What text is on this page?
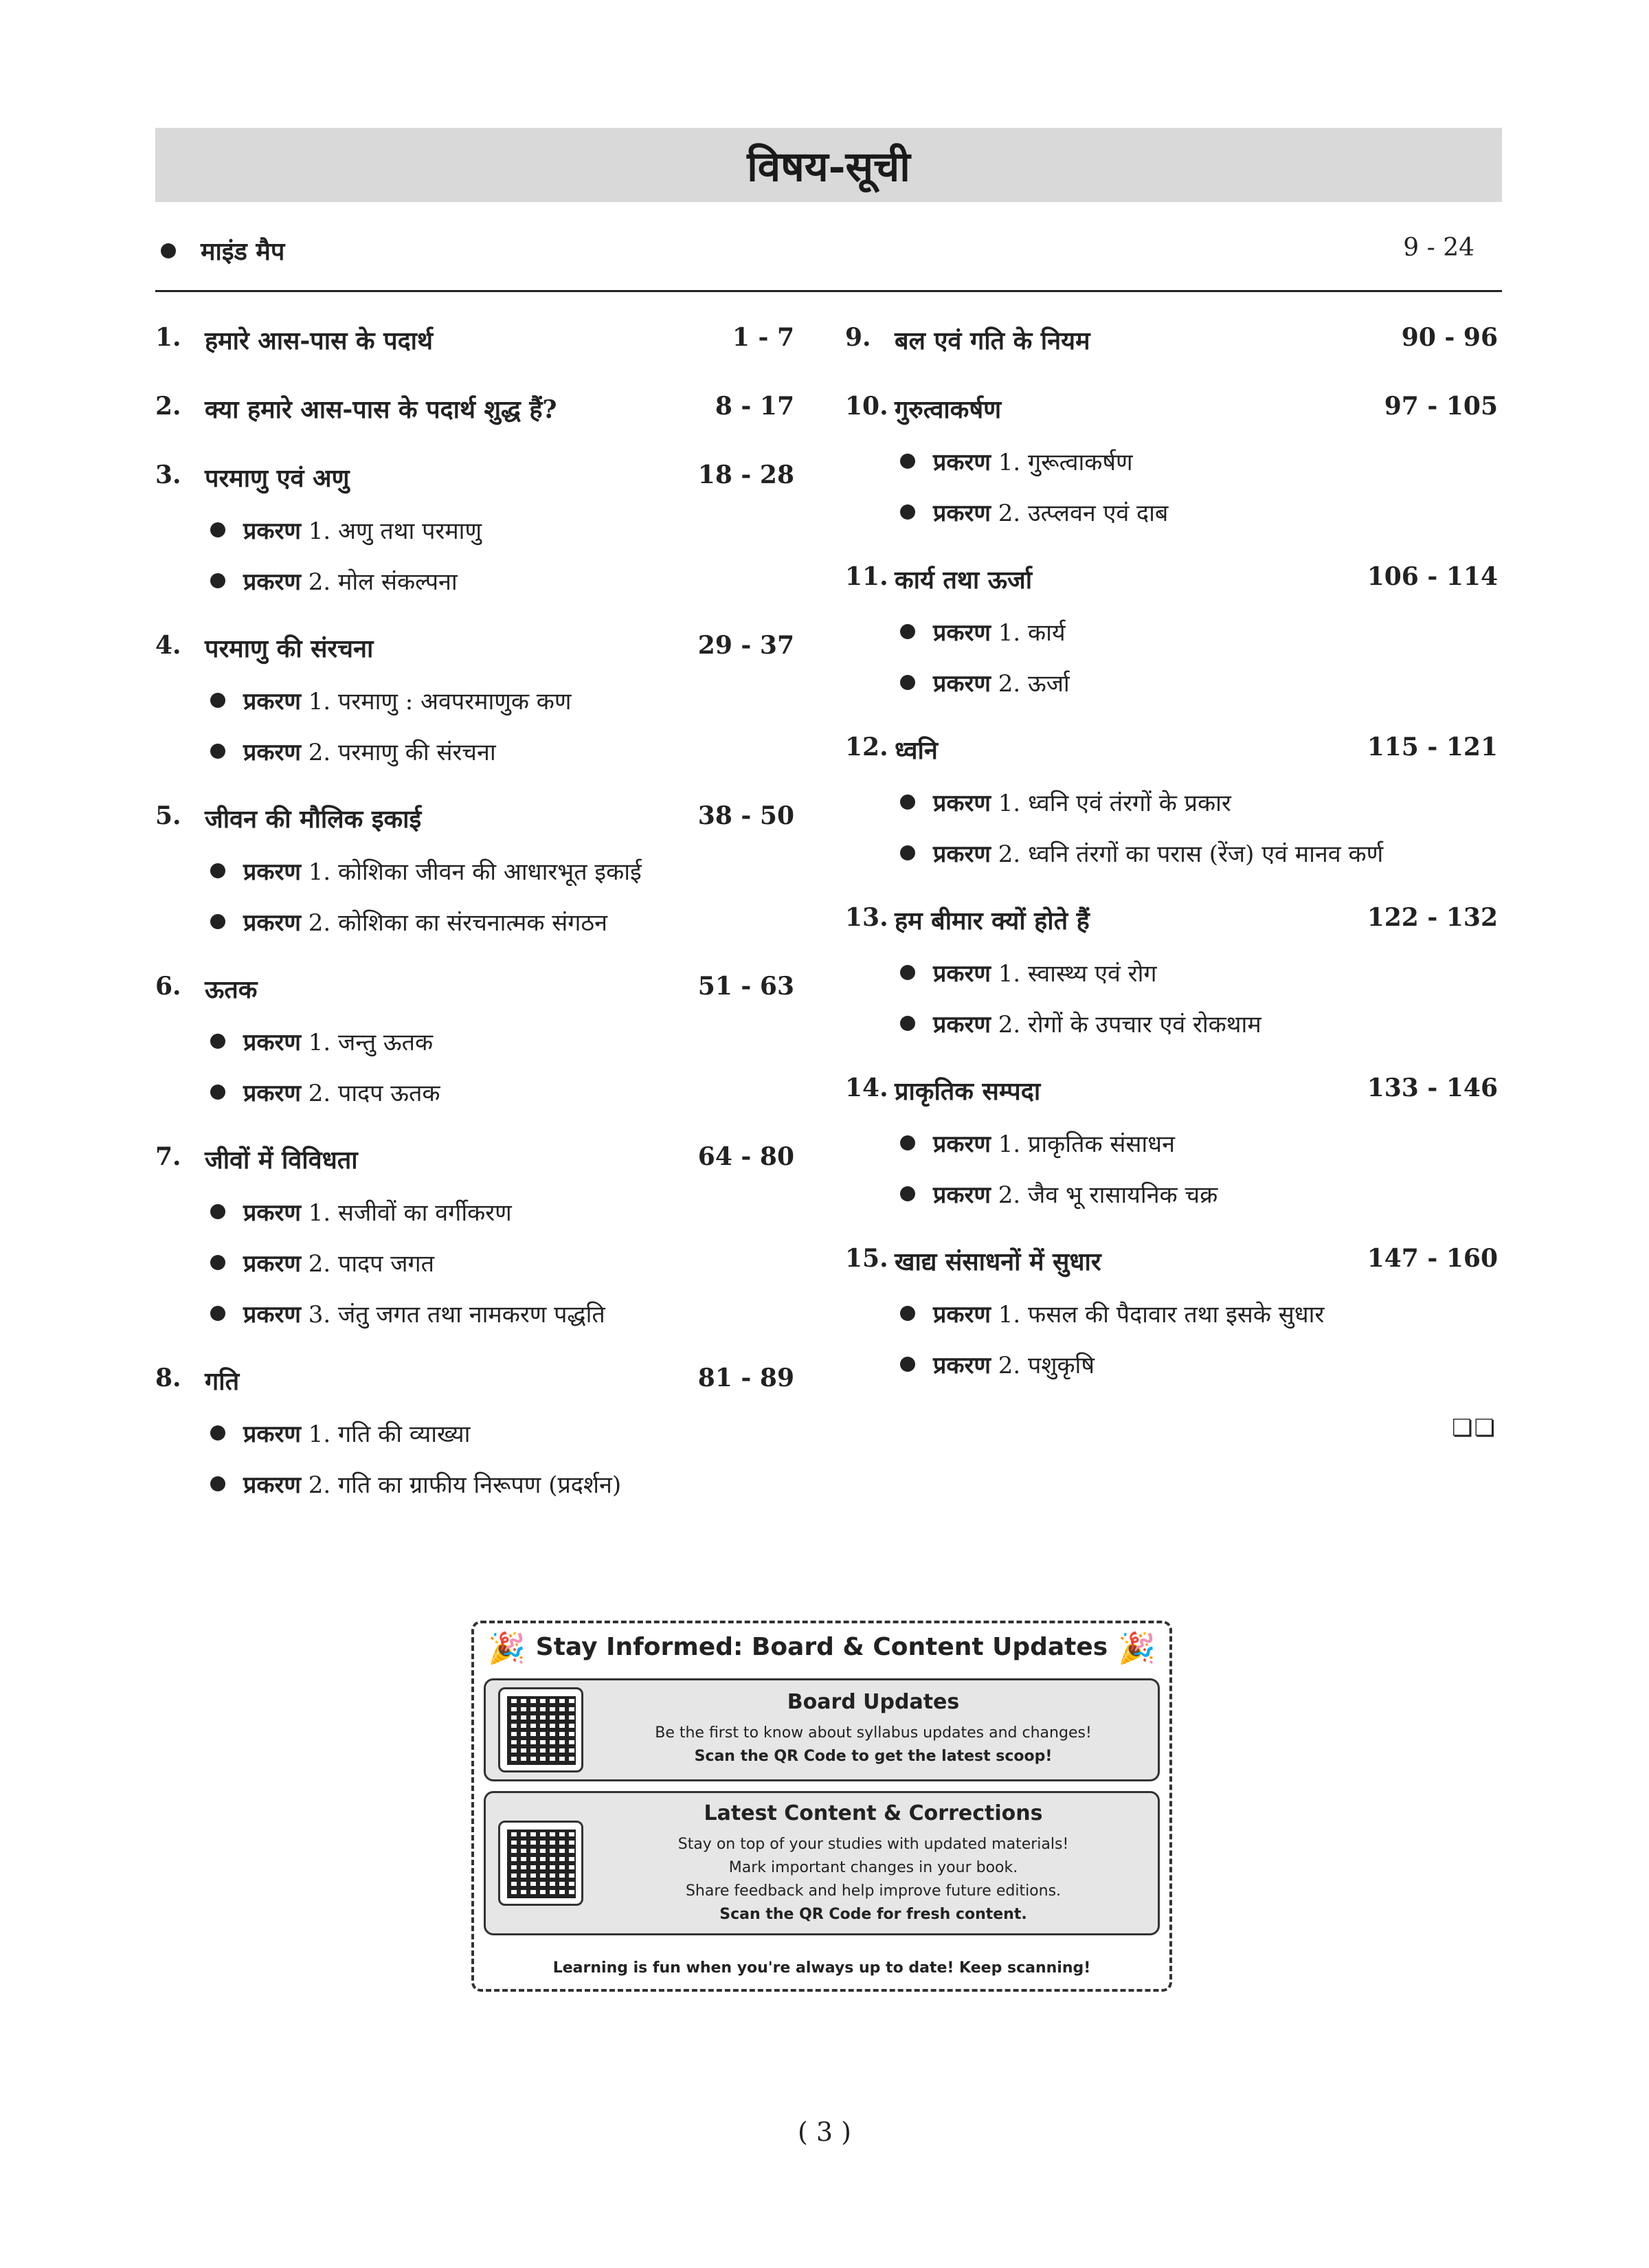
विषय-सूची
माइंड मैप	9 - 24
1. हमारे आस-पास के पदार्थ	1 - 7
2. क्या हमारे आस-पास के पदार्थ शुद्ध हैं?	8 - 17
3. परमाणु एवं अणु	18 - 28
प्रकरण 1. अणु तथा परमाणु
प्रकरण 2. मोल संकल्पना
4. परमाणु की संरचना	29 - 37
प्रकरण 1. परमाणु : अवपरमाणुक कण
प्रकरण 2. परमाणु की संरचना
5. जीवन की मौलिक इकाई	38 - 50
प्रकरण 1. कोशिका जीवन की आधारभूत इकाई
प्रकरण 2. कोशिका का संरचनात्मक संगठन
6. ऊतक	51 - 63
प्रकरण 1. जन्तु ऊतक
प्रकरण 2. पादप ऊतक
7. जीवों में विविधता	64 - 80
प्रकरण 1. सजीवों का वर्गीकरण
प्रकरण 2. पादप जगत
प्रकरण 3. जंतु जगत तथा नामकरण पद्धति
8. गति	81 - 89
प्रकरण 1. गति की व्याख्या
प्रकरण 2. गति का ग्राफीय निरूपण (प्रदर्शन)
9. बल एवं गति के नियम	90 - 96
10. गुरुत्वाकर्षण	97 - 105
प्रकरण 1. गुरूत्वाकर्षण
प्रकरण 2. उत्प्लवन एवं दाब
11. कार्य तथा ऊर्जा	106 - 114
प्रकरण 1. कार्य
प्रकरण 2. ऊर्जा
12. ध्वनि	115 - 121
प्रकरण 1. ध्वनि एवं तंरगों के प्रकार
प्रकरण 2. ध्वनि तंरगों का परास (रेंज) एवं मानव कर्ण
13. हम बीमार क्यों होते हैं	122 - 132
प्रकरण 1. स्वास्थ्य एवं रोग
प्रकरण 2. रोगों के उपचार एवं रोकथाम
14. प्राकृतिक सम्पदा	133 - 146
प्रकरण 1. प्राकृतिक संसाधन
प्रकरण 2. जैव भू रासायनिक चक्र
15. खाद्य संसाधनों में सुधार	147 - 160
प्रकरण 1. फसल की पैदावार तथा इसके सुधार
प्रकरण 2. पशुकृषि
❏❏
🎉	🎉
Stay Informed: Board & Content Updates
Board Updates
Be the first to know about syllabus updates and changes!
Scan the QR Code to get the latest scoop!
Latest Content & Corrections
Stay on top of your studies with updated materials!
Mark important changes in your book.
Share feedback and help improve future editions.
Scan the QR Code for fresh content.
Learning is fun when you're always up to date! Keep scanning!
( 3 )
